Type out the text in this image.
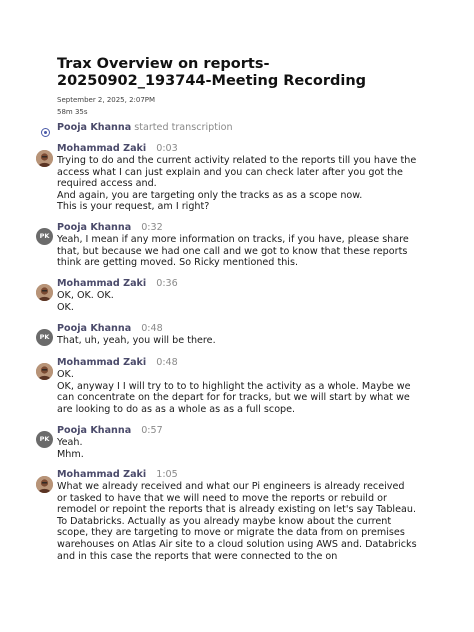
Trax Overview on reports-20250902_193744-Meeting Recording
September 2, 2025, 2:07PM
58m 35s
Pooja Khanna started transcription
Mohammad Zaki 0:03

Trying to do and the current activity related to the reports till you have the access what I can just explain and you can check later after you got the required access and.

And again, you are targeting only the tracks as as a scope now.

This is your request, am I right?

PK
Pooja Khanna 0:32

Yeah, I mean if any more information on tracks, if you have, please share that, but because we had one call and we got to know that these reports think are getting moved. So Ricky mentioned this.

Mohammad Zaki 0:36

OK, OK. OK.

OK.

PK
Pooja Khanna 0:48

That, uh, yeah, you will be there.

Mohammad Zaki 0:48

OK.

OK, anyway I I will try to to to highlight the activity as a whole. Maybe we can concentrate on the depart for for tracks, but we will start by what we are looking to do as as a whole as as a full scope.

PK
Pooja Khanna 0:57

Yeah.

Mhm.

Mohammad Zaki 1:05

What we already received and what our Pi engineers is already received or tasked to have that we will need to move the reports or rebuild or remodel or repoint the reports that is already existing on let's say Tableau.

To Databricks. Actually as you already maybe know about the current scope, they are targeting to move or migrate the data from on premises warehouses on Atlas Air site to a cloud solution using AWS and. Databricks and in this case the reports that were connected to the on
